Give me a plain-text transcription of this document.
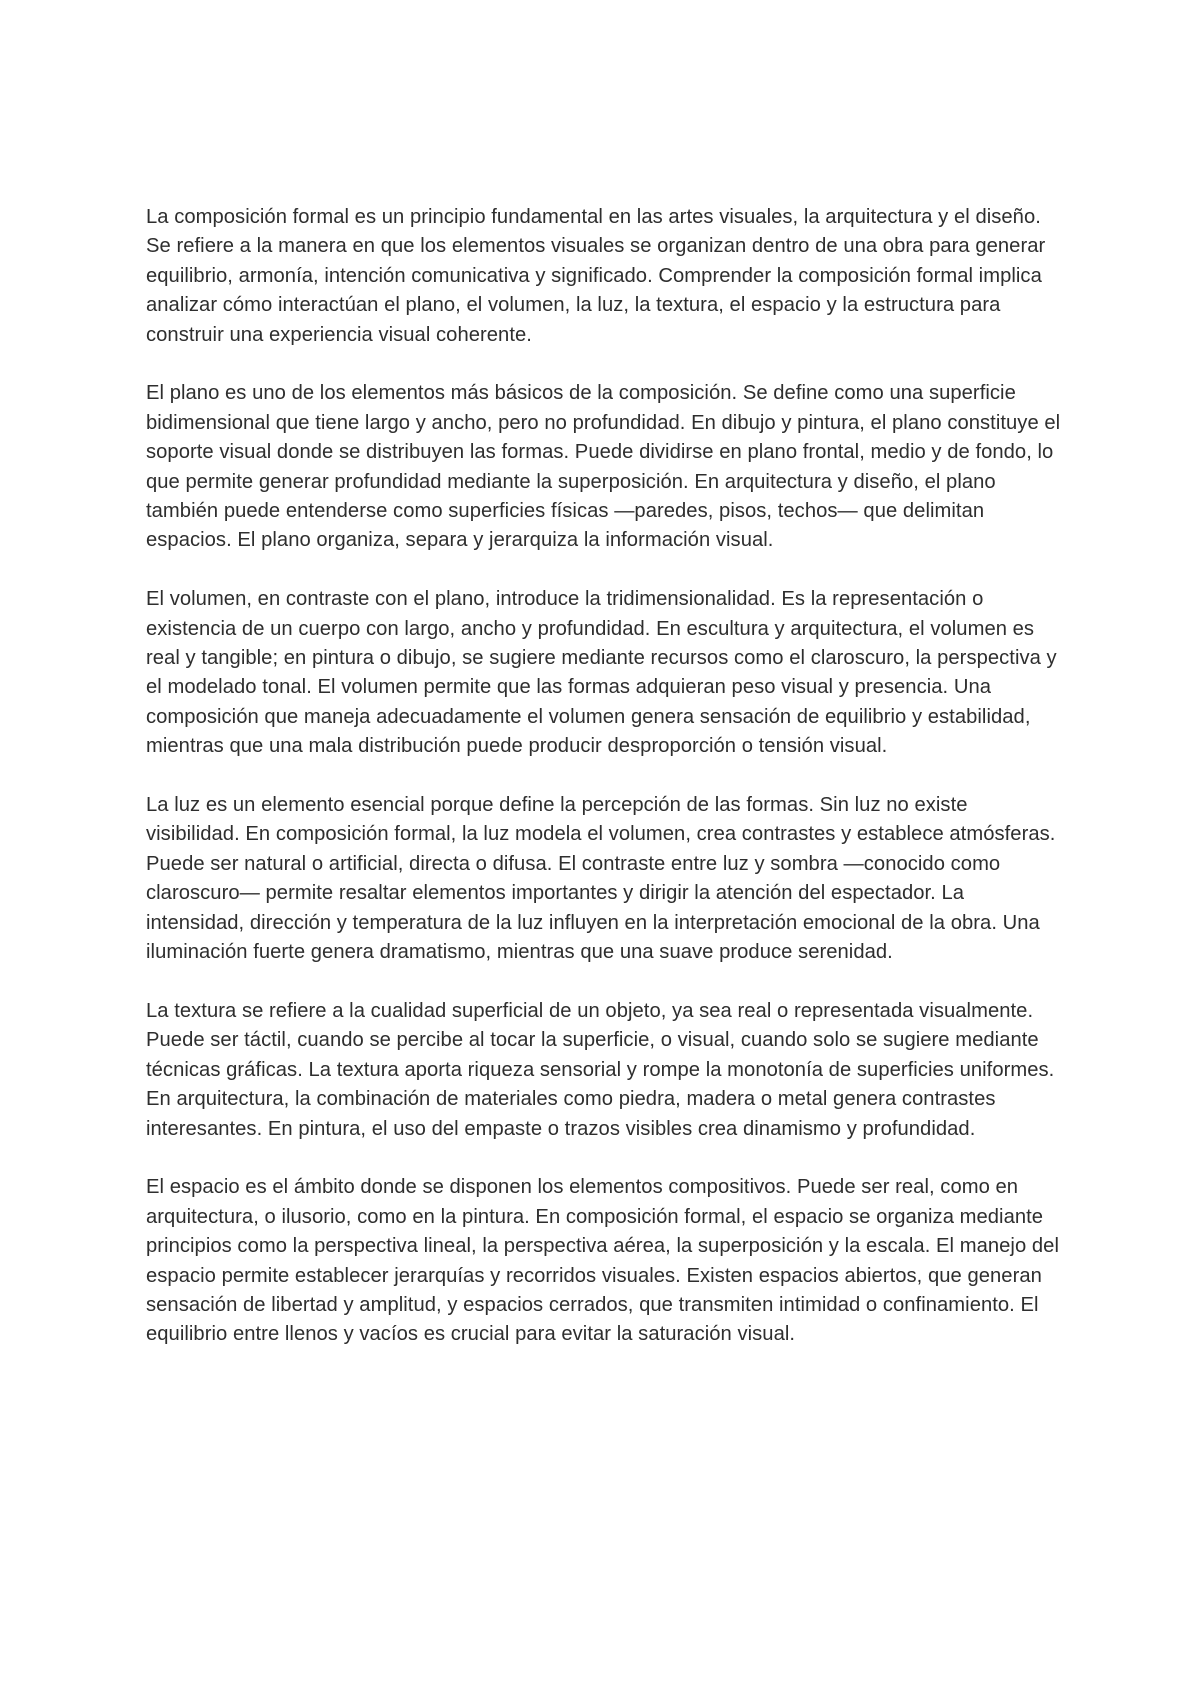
La composición formal es un principio fundamental en las artes visuales, la arquitectura y el diseño. Se refiere a la manera en que los elementos visuales se organizan dentro de una obra para generar equilibrio, armonía, intención comunicativa y significado. Comprender la composición formal implica analizar cómo interactúan el plano, el volumen, la luz, la textura, el espacio y la estructura para construir una experiencia visual coherente.

El plano es uno de los elementos más básicos de la composición. Se define como una superficie bidimensional que tiene largo y ancho, pero no profundidad. En dibujo y pintura, el plano constituye el soporte visual donde se distribuyen las formas. Puede dividirse en plano frontal, medio y de fondo, lo que permite generar profundidad mediante la superposición. En arquitectura y diseño, el plano también puede entenderse como superficies físicas —paredes, pisos, techos— que delimitan espacios. El plano organiza, separa y jerarquiza la información visual.

El volumen, en contraste con el plano, introduce la tridimensionalidad. Es la representación o existencia de un cuerpo con largo, ancho y profundidad. En escultura y arquitectura, el volumen es real y tangible; en pintura o dibujo, se sugiere mediante recursos como el claroscuro, la perspectiva y el modelado tonal. El volumen permite que las formas adquieran peso visual y presencia. Una composición que maneja adecuadamente el volumen genera sensación de equilibrio y estabilidad, mientras que una mala distribución puede producir desproporción o tensión visual.

La luz es un elemento esencial porque define la percepción de las formas. Sin luz no existe visibilidad. En composición formal, la luz modela el volumen, crea contrastes y establece atmósferas. Puede ser natural o artificial, directa o difusa. El contraste entre luz y sombra —conocido como claroscuro— permite resaltar elementos importantes y dirigir la atención del espectador. La intensidad, dirección y temperatura de la luz influyen en la interpretación emocional de la obra. Una iluminación fuerte genera dramatismo, mientras que una suave produce serenidad.

La textura se refiere a la cualidad superficial de un objeto, ya sea real o representada visualmente. Puede ser táctil, cuando se percibe al tocar la superficie, o visual, cuando solo se sugiere mediante técnicas gráficas. La textura aporta riqueza sensorial y rompe la monotonía de superficies uniformes. En arquitectura, la combinación de materiales como piedra, madera o metal genera contrastes interesantes. En pintura, el uso del empaste o trazos visibles crea dinamismo y profundidad.

El espacio es el ámbito donde se disponen los elementos compositivos. Puede ser real, como en arquitectura, o ilusorio, como en la pintura. En composición formal, el espacio se organiza mediante principios como la perspectiva lineal, la perspectiva aérea, la superposición y la escala. El manejo del espacio permite establecer jerarquías y recorridos visuales. Existen espacios abiertos, que generan sensación de libertad y amplitud, y espacios cerrados, que transmiten intimidad o confinamiento. El equilibrio entre llenos y vacíos es crucial para evitar la saturación visual.
